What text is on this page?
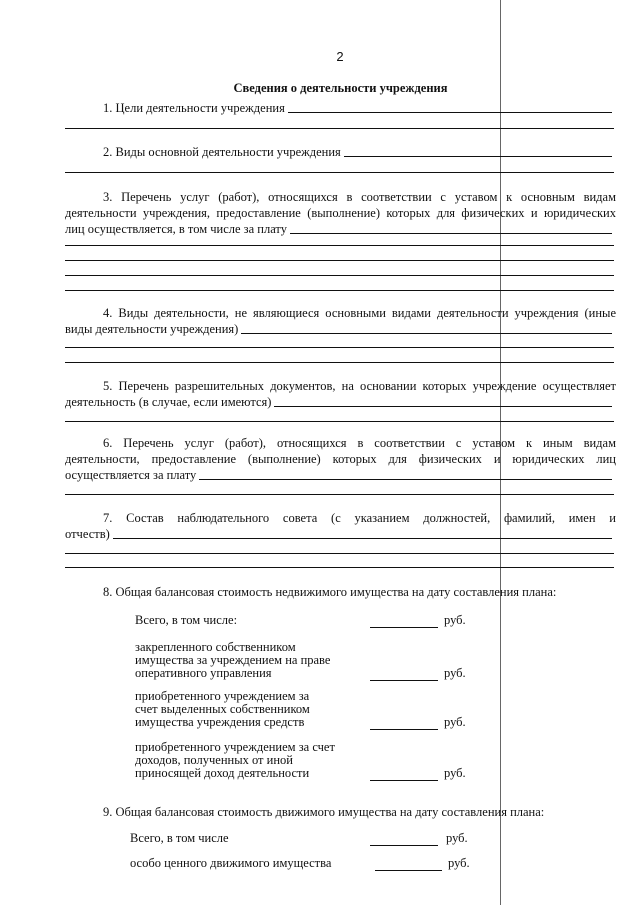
2
Сведения о деятельности учреждения
1. Цели деятельности учреждения
2. Виды основной деятельности учреждения
3. Перечень услуг (работ), относящихся в соответствии с уставом к основным видам
деятельности учреждения, предоставление (выполнение) которых для физических и юридических
лиц осуществляется, в том числе за плату
4. Виды деятельности, не являющиеся основными видами деятельности учреждения (иные
виды деятельности учреждения)
5. Перечень разрешительных документов, на основании которых учреждение осуществляет
деятельность (в случае, если имеются)
6. Перечень услуг (работ), относящихся в соответствии с уставом к иным видам
деятельности, предоставление (выполнение) которых для физических и юридических лиц
осуществляется за плату
7. Состав наблюдательного совета (с указанием должностей, фамилий, имен и
отчеств)
8. Общая балансовая стоимость недвижимого имущества на дату составления плана:
Всего, в том числе:	руб.
закрепленного собственником
имущества за учреждением на праве
оперативного управления	руб.
приобретенного учреждением за
счет выделенных собственником
имущества учреждения средств	руб.
приобретенного учреждением за счет
доходов, полученных от иной
приносящей доход деятельности	руб.
9. Общая балансовая стоимость движимого имущества на дату составления плана:
Всего, в том числе	руб.
особо ценного движимого имущества	руб.
